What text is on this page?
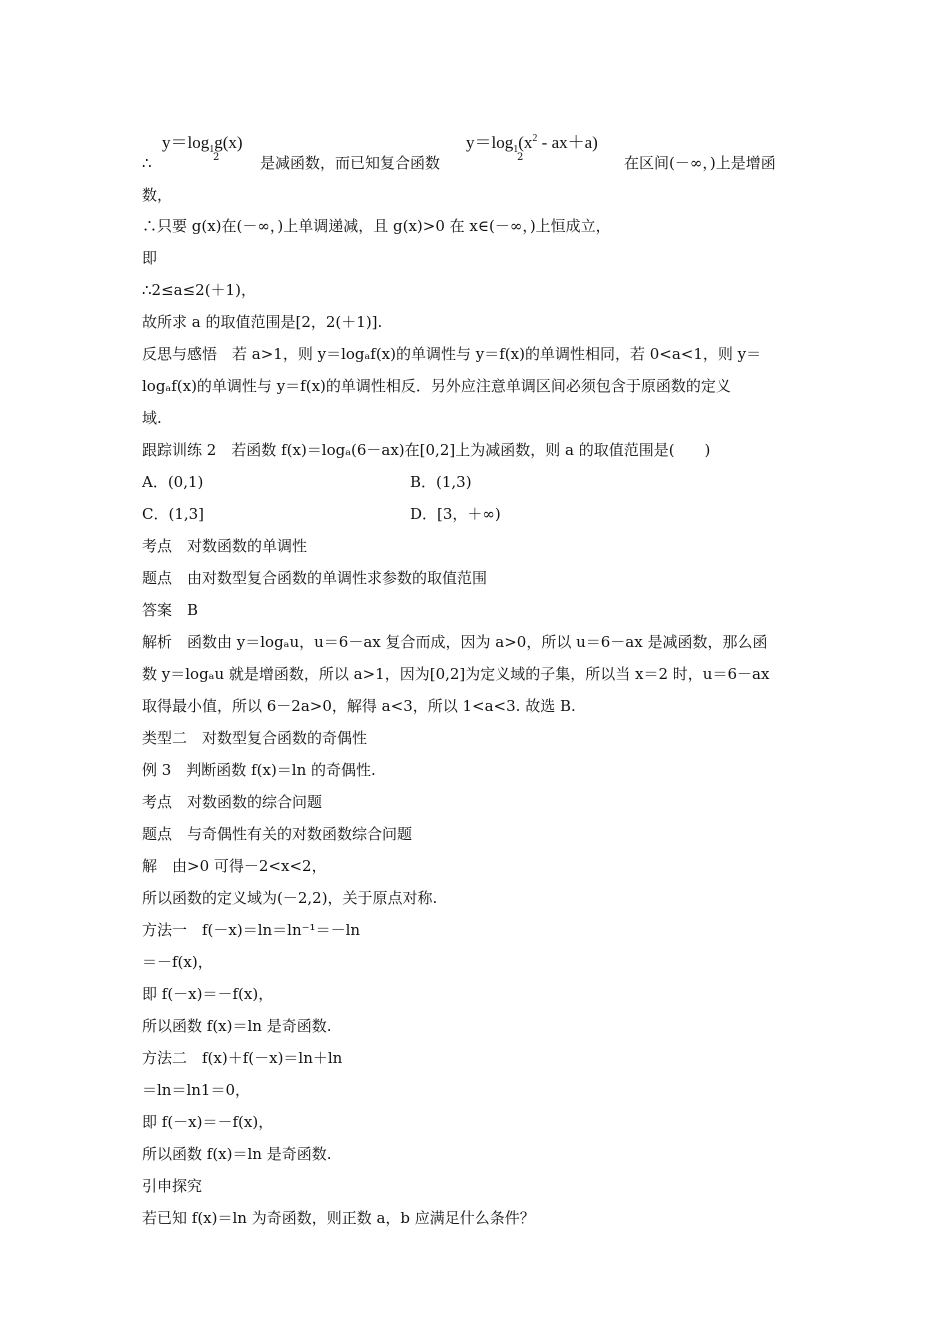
$y=\log_1g(x)$
2
$y=\log_1(x^2 - ax+a)$
2
∴	是减函数，而已知复合函数	在区间(－∞，)上是增函
数，
∴只要 g(x)在(－∞，)上单调递减，且 g(x)>0 在 x∈(－∞，)上恒成立，
即
∴2≤a≤2(＋1)，
故所求 a 的取值范围是[2，2(＋1)].
反思与感悟　若 a>1，则 y＝logₐf(x)的单调性与 y＝f(x)的单调性相同，若 0<a<1，则 y＝
logₐf(x)的单调性与 y＝f(x)的单调性相反．另外应注意单调区间必须包含于原函数的定义
域.
跟踪训练 2　若函数 f(x)＝logₐ(6－ax)在[0,2]上为减函数，则 a 的取值范围是(　　)
A．(0,1)	B．(1,3)
C．(1,3]	D．[3，＋∞)
考点　对数函数的单调性
题点　由对数型复合函数的单调性求参数的取值范围
答案　B
解析　函数由 y＝logₐu，u＝6－ax 复合而成，因为 a>0，所以 u＝6－ax 是减函数，那么函
数 y＝logₐu 就是增函数，所以 a>1，因为[0,2]为定义域的子集，所以当 x＝2 时，u＝6－ax
取得最小值，所以 6－2a>0，解得 a<3，所以 1<a<3. 故选 B.
类型二　对数型复合函数的奇偶性
例 3　判断函数 f(x)＝ln 的奇偶性.
考点　对数函数的综合问题
题点　与奇偶性有关的对数函数综合问题
解　由>0 可得－2<x<2，
所以函数的定义域为(－2,2)，关于原点对称.
方法一　f(－x)＝ln＝ln⁻¹＝－ln
＝－f(x)，
即 f(－x)＝－f(x)，
所以函数 f(x)＝ln 是奇函数.
方法二　f(x)＋f(－x)＝ln＋ln
＝ln＝ln1＝0，
即 f(－x)＝－f(x)，
所以函数 f(x)＝ln 是奇函数.
引申探究
若已知 f(x)＝ln 为奇函数，则正数 a，b 应满足什么条件？
